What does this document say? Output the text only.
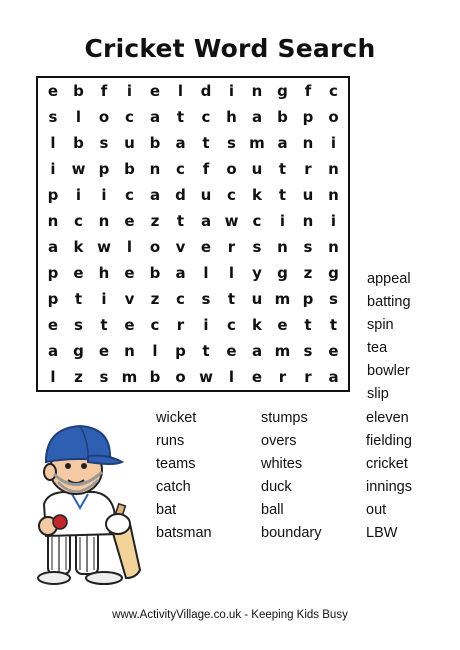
Cricket Word Search
e	b	f	i	e	l	d	i	n g	f	c
s	l	o	c	a	t	c	h	a	b p o
l	b	s	u b	a	t	s m a	n	i
i	w p b n	c	f	o	u	t	r	n
p	i	i	c	a	d u	c	k	t	u n
n	c	n	e	z	t	a w c	i	n	i
a	k w	l	o	v	e	r	s	n	s	n
p	e	h	e	b	a	l	l	y	g	z	g
p	t	i	v	z	c	s	t	u m p	s
e	s	t	e	c	r	i	c	k	e	t	t
a	g	e	n	l	p	t	e	a m s	e
l	z	s m b o w	l	e	r	r	a
appeal
batting
spin
tea
bowler
slip
wicket
runs
teams
catch
bat
batsman
stumps
overs
whites
duck
ball
boundary
eleven
fielding
cricket
innings
out
LBW
www.ActivityVillage.co.uk - Keeping Kids Busy
